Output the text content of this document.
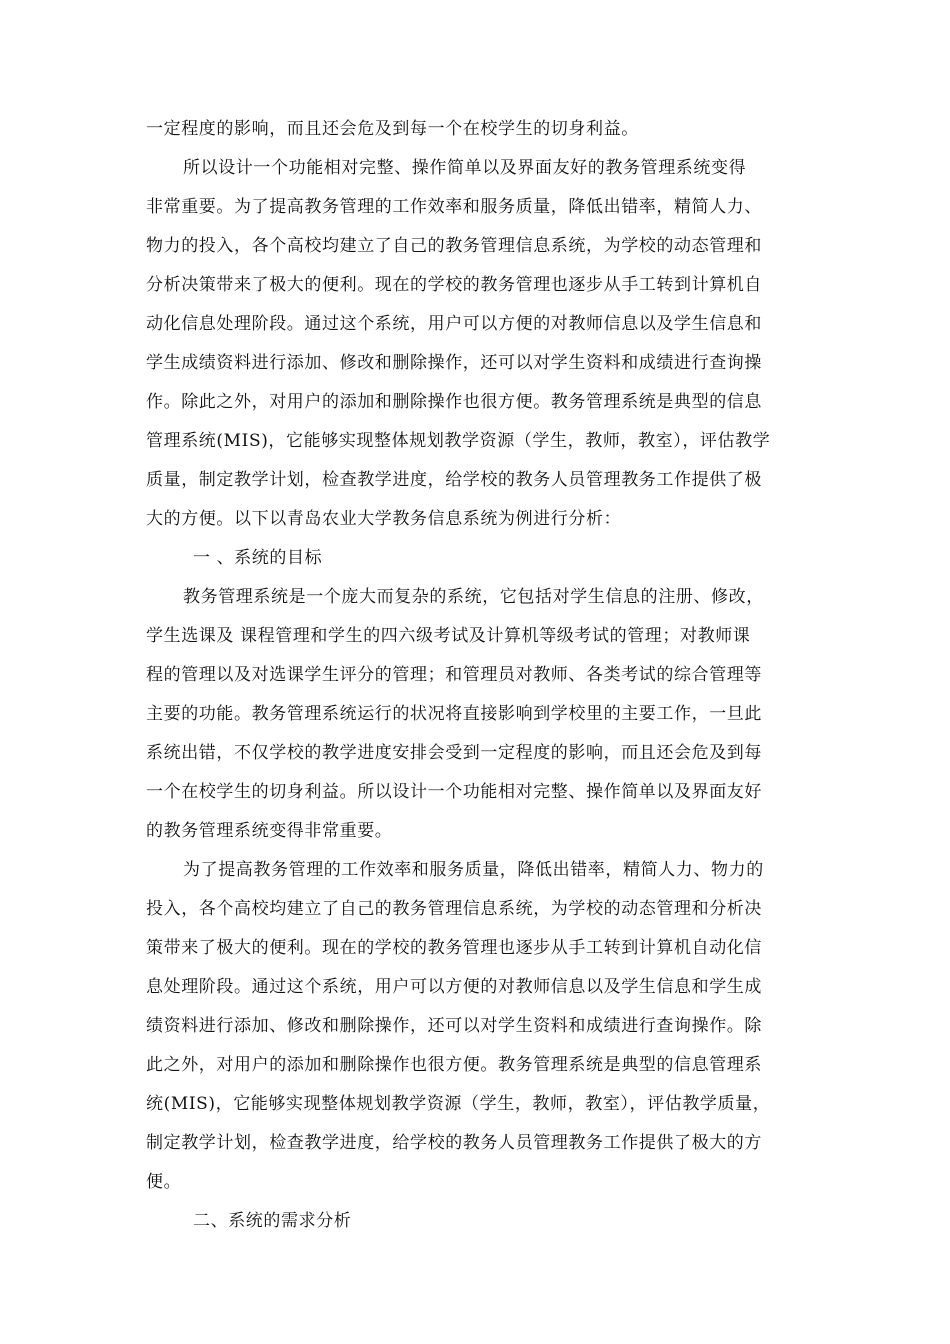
一定程度的影响，而且还会危及到每一个在校学生的切身利益。
所以设计一个功能相对完整、操作简单以及界面友好的教务管理系统变得
非常重要。为了提高教务管理的工作效率和服务质量，降低出错率，精简人力、
物力的投入，各个高校均建立了自己的教务管理信息系统，为学校的动态管理和
分析决策带来了极大的便利。现在的学校的教务管理也逐步从手工转到计算机自
动化信息处理阶段。通过这个系统，用户可以方便的对教师信息以及学生信息和
学生成绩资料进行添加、修改和删除操作，还可以对学生资料和成绩进行查询操
作。除此之外，对用户的添加和删除操作也很方便。教务管理系统是典型的信息
管理系统(MIS)，它能够实现整体规划教学资源（学生，教师，教室），评估教学
质量，制定教学计划，检查教学进度，给学校的教务人员管理教务工作提供了极
大的方便。以下以青岛农业大学教务信息系统为例进行分析：
一 、系统的目标
教务管理系统是一个庞大而复杂的系统，它包括对学生信息的注册、修改，
学生选课及 课程管理和学生的四六级考试及计算机等级考试的管理；对教师课
程的管理以及对选课学生评分的管理；和管理员对教师、各类考试的综合管理等
主要的功能。教务管理系统运行的状况将直接影响到学校里的主要工作，一旦此
系统出错，不仅学校的教学进度安排会受到一定程度的影响，而且还会危及到每
一个在校学生的切身利益。所以设计一个功能相对完整、操作简单以及界面友好
的教务管理系统变得非常重要。
为了提高教务管理的工作效率和服务质量，降低出错率，精简人力、物力的
投入，各个高校均建立了自己的教务管理信息系统，为学校的动态管理和分析决
策带来了极大的便利。现在的学校的教务管理也逐步从手工转到计算机自动化信
息处理阶段。通过这个系统，用户可以方便的对教师信息以及学生信息和学生成
绩资料进行添加、修改和删除操作，还可以对学生资料和成绩进行查询操作。除
此之外，对用户的添加和删除操作也很方便。教务管理系统是典型的信息管理系
统(MIS)，它能够实现整体规划教学资源（学生，教师，教室），评估教学质量，
制定教学计划，检查教学进度，给学校的教务人员管理教务工作提供了极大的方
便。
二、系统的需求分析
